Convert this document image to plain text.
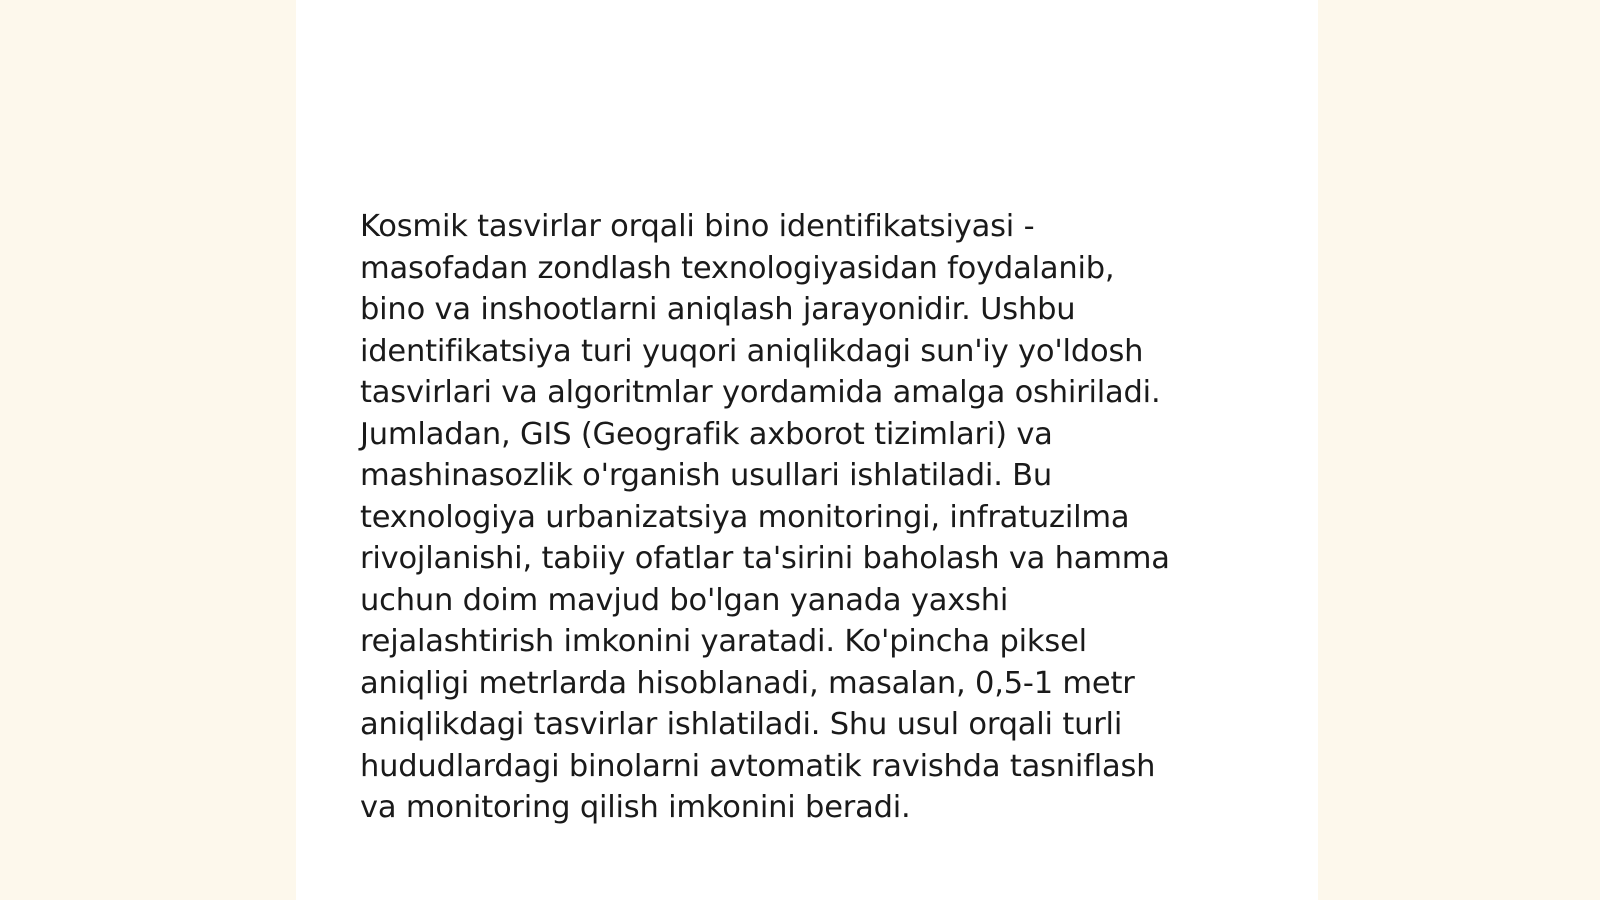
Kosmik tasvirlar orqali bino identifikatsiyasi -
masofadan zondlash texnologiyasidan foydalanib,
bino va inshootlarni aniqlash jarayonidir. Ushbu
identifikatsiya turi yuqori aniqlikdagi sun'iy yo'ldosh
tasvirlari va algoritmlar yordamida amalga oshiriladi.
Jumladan, GIS (Geografik axborot tizimlari) va
mashinasozlik o'rganish usullari ishlatiladi. Bu
texnologiya urbanizatsiya monitoringi, infratuzilma
rivojlanishi, tabiiy ofatlar ta'sirini baholash va hamma
uchun doim mavjud bo'lgan yanada yaxshi
rejalashtirish imkonini yaratadi. Ko'pincha piksel
aniqligi metrlarda hisoblanadi, masalan, 0,5-1 metr
aniqlikdagi tasvirlar ishlatiladi. Shu usul orqali turli
hududlardagi binolarni avtomatik ravishda tasniflash
va monitoring qilish imkonini beradi.
